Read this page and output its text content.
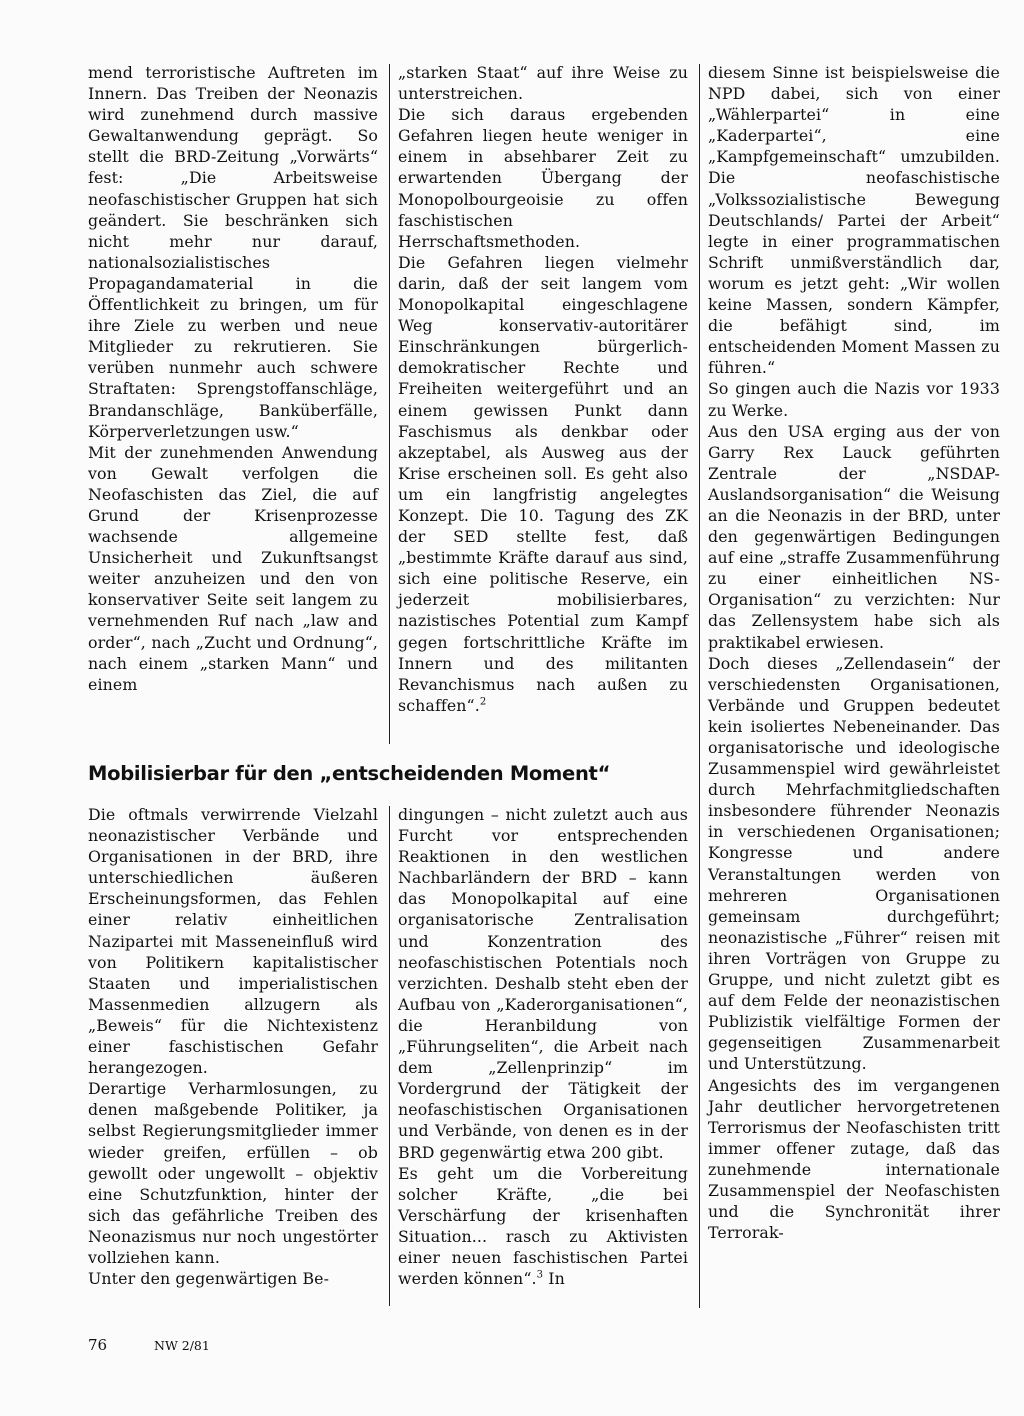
mend terroristische Auftreten im Innern. Das Treiben der Neonazis wird zunehmend durch massive Gewaltanwendung geprägt. So stellt die BRD-Zeitung „Vorwärts“ fest: „Die Arbeitsweise neofaschistischer Gruppen hat sich geändert. Sie beschränken sich nicht mehr nur darauf, nationalsozialistisches Propagandamaterial in die Öffentlichkeit zu bringen, um für ihre Ziele zu werben und neue Mitglieder zu rekrutieren. Sie verüben nunmehr auch schwere Straftaten: Sprengstoffanschläge, Brandanschläge, Banküberfälle, Körperverletzungen usw.“

Mit der zunehmenden Anwendung von Gewalt verfolgen die Neofaschisten das Ziel, die auf Grund der Krisenprozesse wachsende allgemeine Unsicherheit und Zukunftsangst weiter anzuheizen und den von konservativer Seite seit langem zu vernehmenden Ruf nach „law and order“, nach „Zucht und Ordnung“, nach einem „starken Mann“ und einem

„starken Staat“ auf ihre Weise zu unterstreichen.

Die sich daraus ergebenden Gefahren liegen heute weniger in einem in absehbarer Zeit zu erwartenden Übergang der Monopolbourgeoisie zu offen faschistischen Herrschaftsmethoden.

Die Gefahren liegen vielmehr darin, daß der seit langem vom Monopolkapital eingeschlagene Weg konservativ-autoritärer Einschränkungen bürgerlich-demokratischer Rechte und Freiheiten weitergeführt und an einem gewissen Punkt dann Faschismus als denkbar oder akzeptabel, als Ausweg aus der Krise erscheinen soll. Es geht also um ein langfristig angelegtes Konzept. Die 10. Tagung des ZK der SED stellte fest, daß „bestimmte Kräfte darauf aus sind, sich eine politische Reserve, ein jederzeit mobilisierbares, nazistisches Potential zum Kampf gegen fortschrittliche Kräfte im Innern und des militanten Revanchismus nach außen zu schaffen“.$^2$

diesem Sinne ist beispielsweise die NPD dabei, sich von einer „Wählerpartei“ in eine „Kaderpartei“, eine „Kampfgemeinschaft“ umzubilden. Die neofaschistische „Volkssozialistische Bewegung Deutschlands/ Partei der Arbeit“ legte in einer programmatischen Schrift unmißverständlich dar, worum es jetzt geht: „Wir wollen keine Massen, sondern Kämpfer, die befähigt sind, im entscheidenden Moment Massen zu führen.“

So gingen auch die Nazis vor 1933 zu Werke.

Aus den USA erging aus der von Garry Rex Lauck geführten Zentrale der „NSDAP-Auslandsorganisation“ die Weisung an die Neonazis in der BRD, unter den gegenwärtigen Bedingungen auf eine „straffe Zusammenführung zu einer einheitlichen NS-Organisation“ zu verzichten: Nur das Zellensystem habe sich als praktikabel erwiesen.

Doch dieses „Zellendasein“ der verschiedensten Organisationen, Verbände und Gruppen bedeutet kein isoliertes Nebeneinander. Das organisatorische und ideologische Zusammenspiel wird gewährleistet durch Mehrfachmitgliedschaften insbesondere führender Neonazis in verschiedenen Organisationen; Kongresse und andere Veranstaltungen werden von mehreren Organisationen gemeinsam durchgeführt; neonazistische „Führer“ reisen mit ihren Vorträgen von Gruppe zu Gruppe, und nicht zuletzt gibt es auf dem Felde der neonazistischen Publizistik vielfältige Formen der gegenseitigen Zusammenarbeit und Unterstützung.

Angesichts des im vergangenen Jahr deutlicher hervorgetretenen Terrorismus der Neofaschisten tritt immer offener zutage, daß das zunehmende internationale Zusammenspiel der Neofaschisten und die Synchronität ihrer Terrorak-

Mobilisierbar für den „entscheidenden Moment“

Die oftmals verwirrende Vielzahl neonazistischer Verbände und Organisationen in der BRD, ihre unterschiedlichen äußeren Erscheinungsformen, das Fehlen einer relativ einheitlichen Nazipartei mit Masseneinfluß wird von Politikern kapitalistischer Staaten und imperialistischen Massenmedien allzugern als „Beweis“ für die Nichtexistenz einer faschistischen Gefahr herangezogen.

Derartige Verharmlosungen, zu denen maßgebende Politiker, ja selbst Regierungsmitglieder immer wieder greifen, erfüllen – ob gewollt oder ungewollt – objektiv eine Schutzfunktion, hinter der sich das gefährliche Treiben des Neonazismus nur noch ungestörter vollziehen kann.

Unter den gegenwärtigen Be-

dingungen – nicht zuletzt auch aus Furcht vor entsprechenden Reaktionen in den westlichen Nachbarländern der BRD – kann das Monopolkapital auf eine organisatorische Zentralisation und Konzentration des neofaschistischen Potentials noch verzichten. Deshalb steht eben der Aufbau von „Kaderorganisationen“, die Heranbildung von „Führungseliten“, die Arbeit nach dem „Zellenprinzip“ im Vordergrund der Tätigkeit der neofaschistischen Organisationen und Verbände, von denen es in der BRD gegenwärtig etwa 200 gibt.

Es geht um die Vorbereitung solcher Kräfte, „die bei Verschärfung der krisenhaften Situation... rasch zu Aktivisten einer neuen faschistischen Partei werden können“.$^3$ In

76	NW 2/81
